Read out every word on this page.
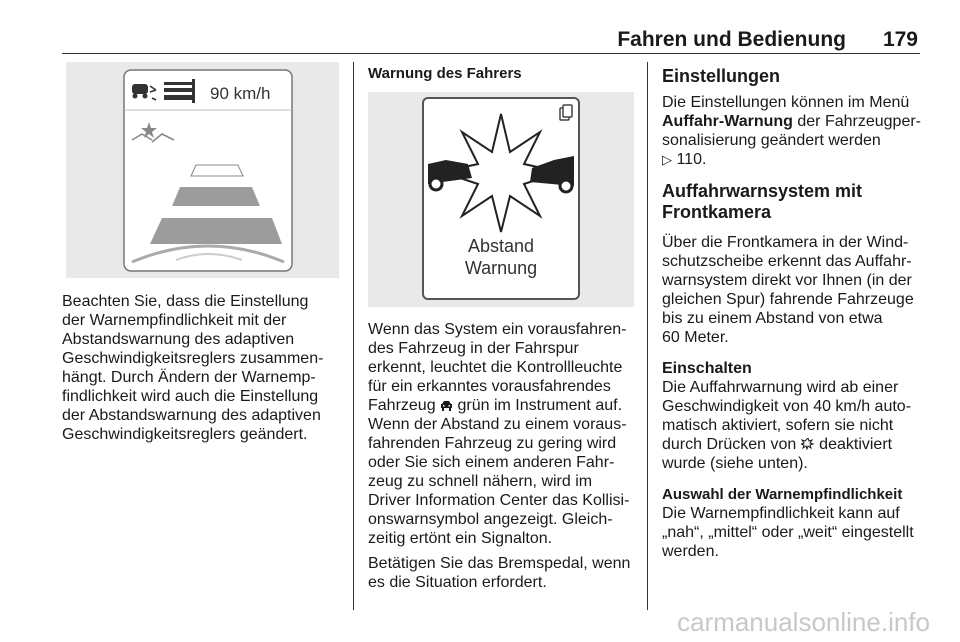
Fahren und Bedienung	179
90 km/h
Beachten Sie, dass die Einstellung
der Warnempfindlichkeit mit der
Abstandswarnung des adaptiven
Geschwindigkeitsreglers zusammen-
hängt. Durch Ändern der Warnemp-
findlichkeit wird auch die Einstellung
der Abstandswarnung des adaptiven
Geschwindigkeitsreglers geändert.
Warnung des Fahrers
Abstand
Warnung
Wenn das System ein vorausfahren-
des Fahrzeug in der Fahrspur
erkennt, leuchtet die Kontrollleuchte
für ein erkanntes vorausfahrendes
Fahrzeug  grün im Instrument auf.
Wenn der Abstand zu einem voraus-
fahrenden Fahrzeug zu gering wird
oder Sie sich einem anderen Fahr-
zeug zu schnell nähern, wird im
Driver Information Center das Kollisi-
onswarnsymbol angezeigt. Gleich-
zeitig ertönt ein Signalton.
Betätigen Sie das Bremspedal, wenn
es die Situation erfordert.
Einstellungen
Die Einstellungen können im Menü
Auffahr-Warnung der Fahrzeugper-
sonalisierung geändert werden
▷ 110.
Auffahrwarnsystem mit
Frontkamera
Über die Frontkamera in der Wind-
schutzscheibe erkennt das Auffahr-
warnsystem direkt vor Ihnen (in der
gleichen Spur) fahrende Fahrzeuge
bis zu einem Abstand von etwa
60 Meter.
Einschalten
Die Auffahrwarnung wird ab einer
Geschwindigkeit von 40 km/h auto-
matisch aktiviert, sofern sie nicht
durch Drücken von  deaktiviert
wurde (siehe unten).
Auswahl der Warnempfindlichkeit
Die Warnempfindlichkeit kann auf
„nah“, „mittel“ oder „weit“ eingestellt
werden.
carmanualsonline.info
